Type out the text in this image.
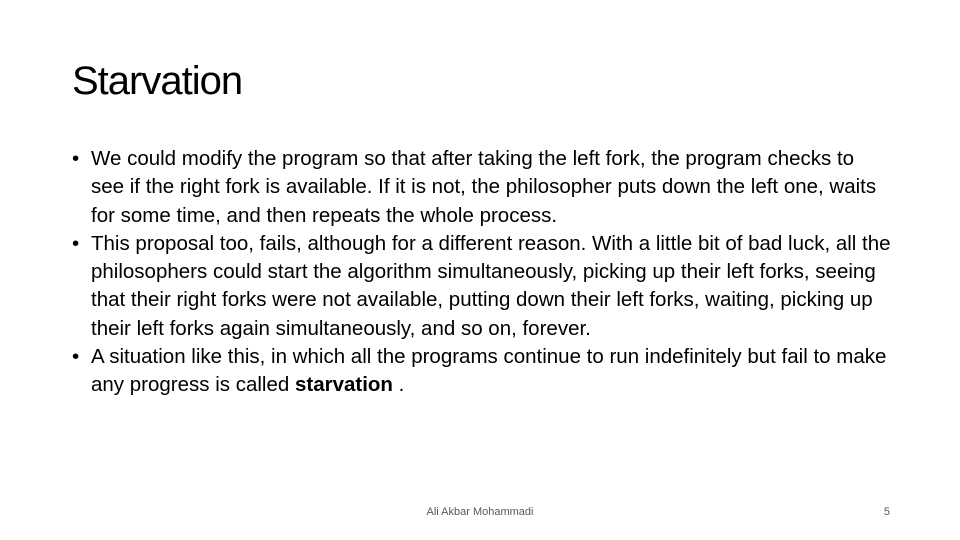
Starvation
• We could modify the program so that after taking the left fork, the program checks to see if the right fork is available. If it is not, the philosopher puts down the left one, waits for some time, and then repeats the whole process.
• This proposal too, fails, although for a different reason. With a little bit of bad luck, all the philosophers could start the algorithm simultaneously, picking up their left forks, seeing that their right forks were not available, putting down their left forks, waiting, picking up their left forks again simultaneously, and so on, forever.
• A situation like this, in which all the programs continue to run indefinitely but fail to make any progress is called starvation .
Ali Akbar Mohammadi	5
